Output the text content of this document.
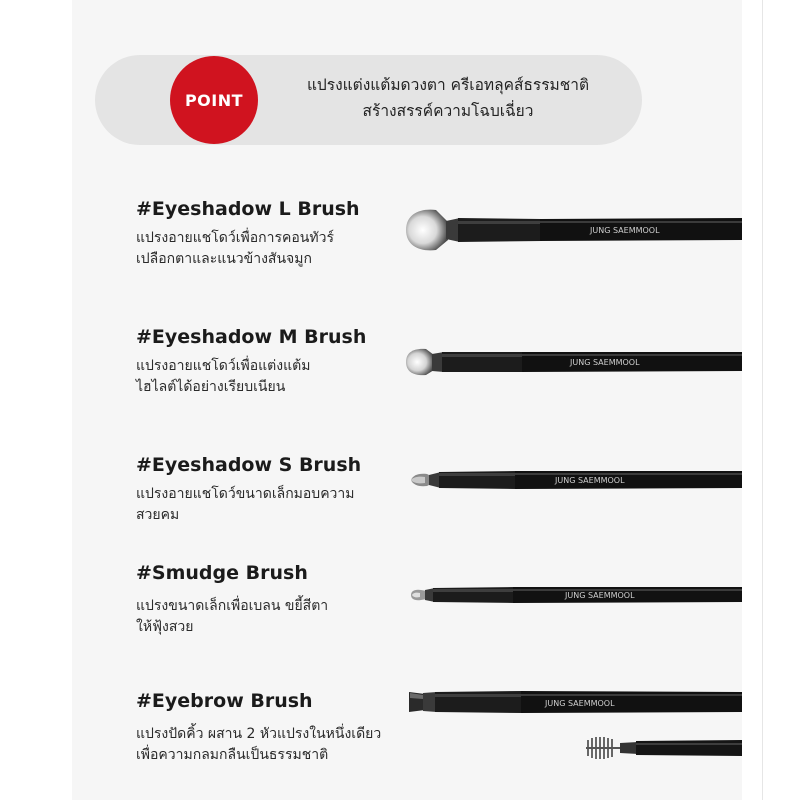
POINT
แปรงแต่งแต้มดวงตา ครีเอทลุคส์ธรรมชาติ
สร้างสรรค์ความโฉบเฉี่ยว
#Eyeshadow L Brush
แปรงอายแชโดว์เพื่อการคอนทัวร์
เปลือกตาและแนวข้างสันจมูก
JUNG SAEMMOOL
#Eyeshadow M Brush
แปรงอายแชโดว์เพื่อแต่งแต้ม
ไฮไลต์ได้อย่างเรียบเนียน
JUNG SAEMMOOL
#Eyeshadow S Brush
แปรงอายแชโดว์ขนาดเล็กมอบความ
สวยคม
JUNG SAEMMOOL
#Smudge Brush
แปรงขนาดเล็กเพื่อเบลน ขยี้สีตา
ให้ฟุ้งสวย
JUNG SAEMMOOL
#Eyebrow Brush
แปรงปัดคิ้ว ผสาน 2 หัวแปรงในหนึ่งเดียว
เพื่อความกลมกลืนเป็นธรรมชาติ
JUNG SAEMMOOL
